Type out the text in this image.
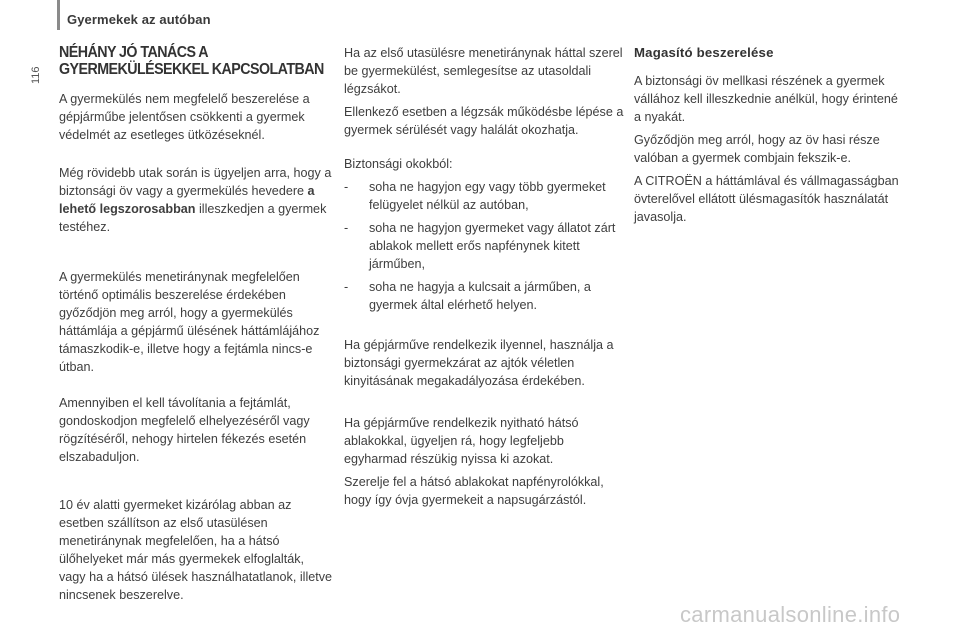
Gyermekek az autóban
116
NÉHÁNY JÓ TANÁCS A
GYERMEKÜLÉSEKKEL KAPCSOLATBAN

A gyermekülés nem megfelelő beszerelése a gépjárműbe jelentősen csökkenti a gyermek védelmét az esetleges ütközéseknél.

Még rövidebb utak során is ügyeljen arra, hogy a biztonsági öv vagy a gyermekülés hevedere a lehető legszorosabban illeszkedjen a gyermek testéhez.

A gyermekülés menetiránynak megfelelően történő optimális beszerelése érdekében győződjön meg arról, hogy a gyermekülés háttámlája a gépjármű ülésének háttámlájához támaszkodik-e, illetve hogy a fejtámla nincs-e útban.

Amennyiben el kell távolítania a fejtámlát, gondoskodjon megfelelő elhelyezéséről vagy rögzítéséről, nehogy hirtelen fékezés esetén elszabaduljon.

10 év alatti gyermeket kizárólag abban az esetben szállítson az első utasülésen menetiránynak megfelelően, ha a hátsó ülőhelyeket már más gyermekek elfoglalták, vagy ha a hátsó ülések használhatatlanok, illetve nincsenek beszerelve.

Ha az első utasülésre menetiránynak háttal szerel be gyermekülést, semlegesítse az utasoldali légzsákot.

Ellenkező esetben a légzsák működésbe lépése a gyermek sérülését vagy halálát okozhatja.

Biztonsági okokból:

- soha ne hagyjon egy vagy több gyermeket felügyelet nélkül az autóban,
- soha ne hagyjon gyermeket vagy állatot zárt ablakok mellett erős napfénynek kitett járműben,
- soha ne hagyja a kulcsait a járműben, a gyermek által elérhető helyen.

Ha gépjárműve rendelkezik ilyennel, használja a biztonsági gyermekzárat az ajtók véletlen kinyitásának megakadályozása érdekében.

Ha gépjárműve rendelkezik nyitható hátsó ablakokkal, ügyeljen rá, hogy legfeljebb egyharmad részükig nyissa ki azokat.

Szerelje fel a hátsó ablakokat napfényrolókkal, hogy így óvja gyermekeit a napsugárzástól.

Magasító beszerelése

A biztonsági öv mellkasi részének a gyermek vállához kell illeszkednie anélkül, hogy érintené a nyakát.

Győződjön meg arról, hogy az öv hasi része valóban a gyermek combjain fekszik-e.

A CITROËN a háttámlával és vállmagasságban övterelővel ellátott ülésmagasítók használatát javasolja.

carmanualsonline.info
